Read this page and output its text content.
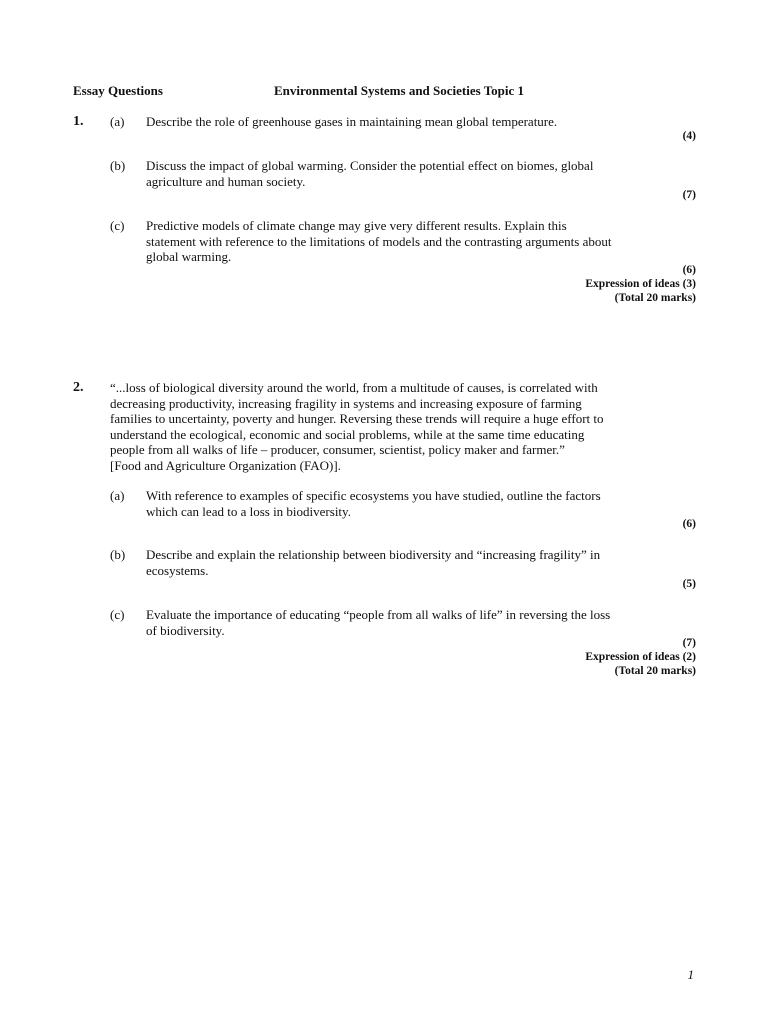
Essay Questions	Environmental Systems and Societies Topic 1
1. (a) Describe the role of greenhouse gases in maintaining mean global temperature.
(4)
(b) Discuss the impact of global warming. Consider the potential effect on biomes, global
agriculture and human society.
(7)
(c) Predictive models of climate change may give very different results. Explain this
statement with reference to the limitations of models and the contrasting arguments about
global warming.
(6)
Expression of ideas (3)
(Total 20 marks)
2. “...loss of biological diversity around the world, from a multitude of causes, is correlated with
decreasing productivity, increasing fragility in systems and increasing exposure of farming
families to uncertainty, poverty and hunger. Reversing these trends will require a huge effort to
understand the ecological, economic and social problems, while at the same time educating
people from all walks of life – producer, consumer, scientist, policy maker and farmer.”
[Food and Agriculture Organization (FAO)].
(a) With reference to examples of specific ecosystems you have studied, outline the factors
which can lead to a loss in biodiversity.
(6)
(b) Describe and explain the relationship between biodiversity and “increasing fragility” in
ecosystems.
(5)
(c) Evaluate the importance of educating “people from all walks of life” in reversing the loss
of biodiversity.
(7)
Expression of ideas (2)
(Total 20 marks)
1
